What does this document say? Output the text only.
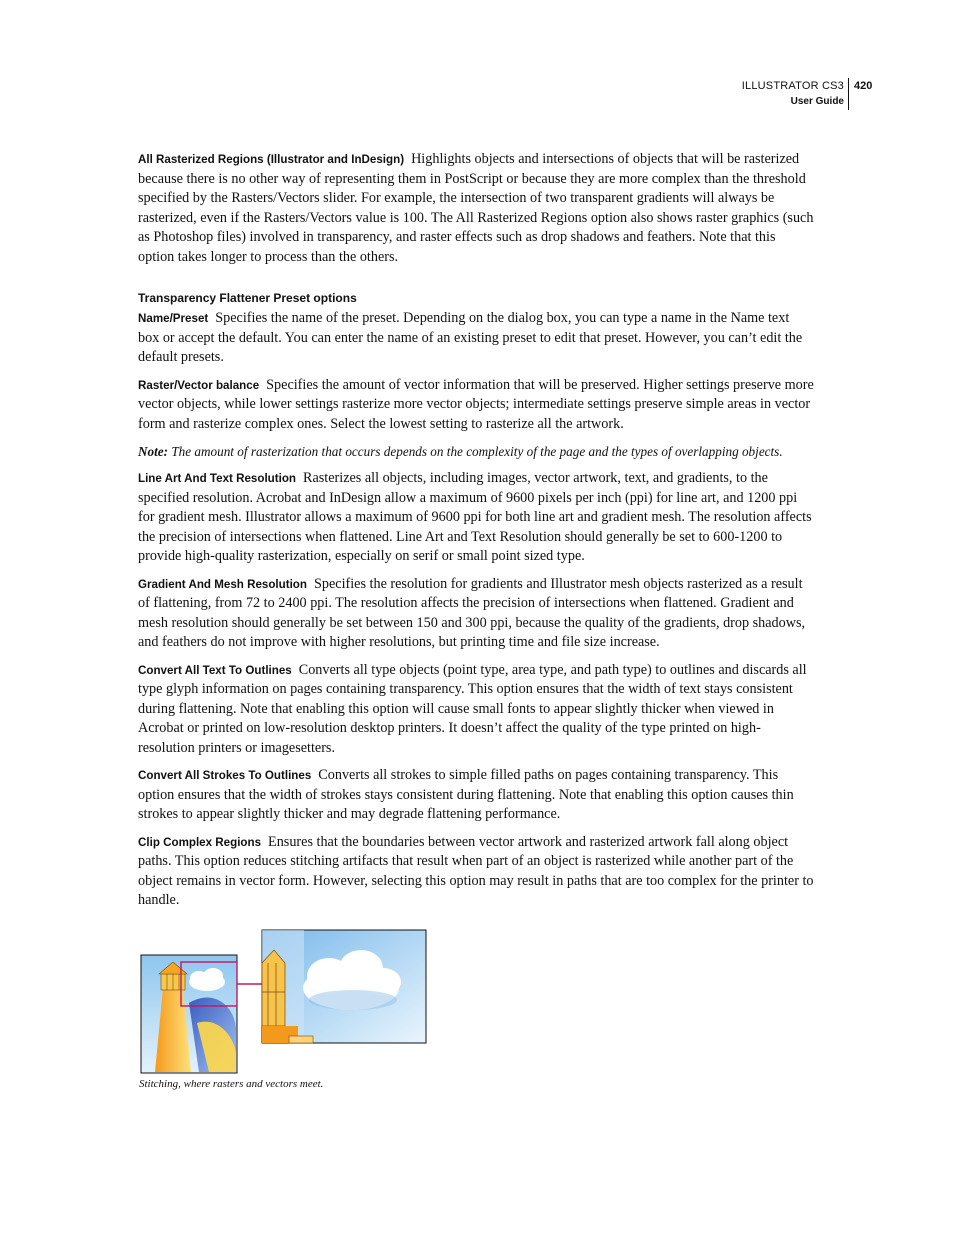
ILLUSTRATOR CS3
User Guide
420

All Rasterized Regions (Illustrator and InDesign) Highlights objects and intersections of objects that will be rasterized because there is no other way of representing them in PostScript or because they are more complex than the threshold specified by the Rasters/Vectors slider. For example, the intersection of two transparent gradients will always be rasterized, even if the Rasters/Vectors value is 100. The All Rasterized Regions option also shows raster graphics (such as Photoshop files) involved in transparency, and raster effects such as drop shadows and feathers. Note that this option takes longer to process than the others.

Transparency Flattener Preset options

Name/Preset Specifies the name of the preset. Depending on the dialog box, you can type a name in the Name text box or accept the default. You can enter the name of an existing preset to edit that preset. However, you can’t edit the default presets.

Raster/Vector balance Specifies the amount of vector information that will be preserved. Higher settings preserve more vector objects, while lower settings rasterize more vector objects; intermediate settings preserve simple areas in vector form and rasterize complex ones. Select the lowest setting to rasterize all the artwork.

Note: The amount of rasterization that occurs depends on the complexity of the page and the types of overlapping objects.

Line Art And Text Resolution Rasterizes all objects, including images, vector artwork, text, and gradients, to the specified resolution. Acrobat and InDesign allow a maximum of 9600 pixels per inch (ppi) for line art, and 1200 ppi for gradient mesh. Illustrator allows a maximum of 9600 ppi for both line art and gradient mesh. The resolution affects the precision of intersections when flattened. Line Art and Text Resolution should generally be set to 600-1200 to provide high-quality rasterization, especially on serif or small point sized type.

Gradient And Mesh Resolution Specifies the resolution for gradients and Illustrator mesh objects rasterized as a result of flattening, from 72 to 2400 ppi. The resolution affects the precision of intersections when flattened. Gradient and mesh resolution should generally be set between 150 and 300 ppi, because the quality of the gradients, drop shadows, and feathers do not improve with higher resolutions, but printing time and file size increase.

Convert All Text To Outlines Converts all type objects (point type, area type, and path type) to outlines and discards all type glyph information on pages containing transparency. This option ensures that the width of text stays consistent during flattening. Note that enabling this option will cause small fonts to appear slightly thicker when viewed in Acrobat or printed on low-resolution desktop printers. It doesn’t affect the quality of the type printed on high-resolution printers or imagesetters.

Convert All Strokes To Outlines Converts all strokes to simple filled paths on pages containing transparency. This option ensures that the width of strokes stays consistent during flattening. Note that enabling this option causes thin strokes to appear slightly thicker and may degrade flattening performance.

Clip Complex Regions Ensures that the boundaries between vector artwork and rasterized artwork fall along object paths. This option reduces stitching artifacts that result when part of an object is rasterized while another part of the object remains in vector form. However, selecting this option may result in paths that are too complex for the printer to handle.

Stitching, where rasters and vectors meet.
